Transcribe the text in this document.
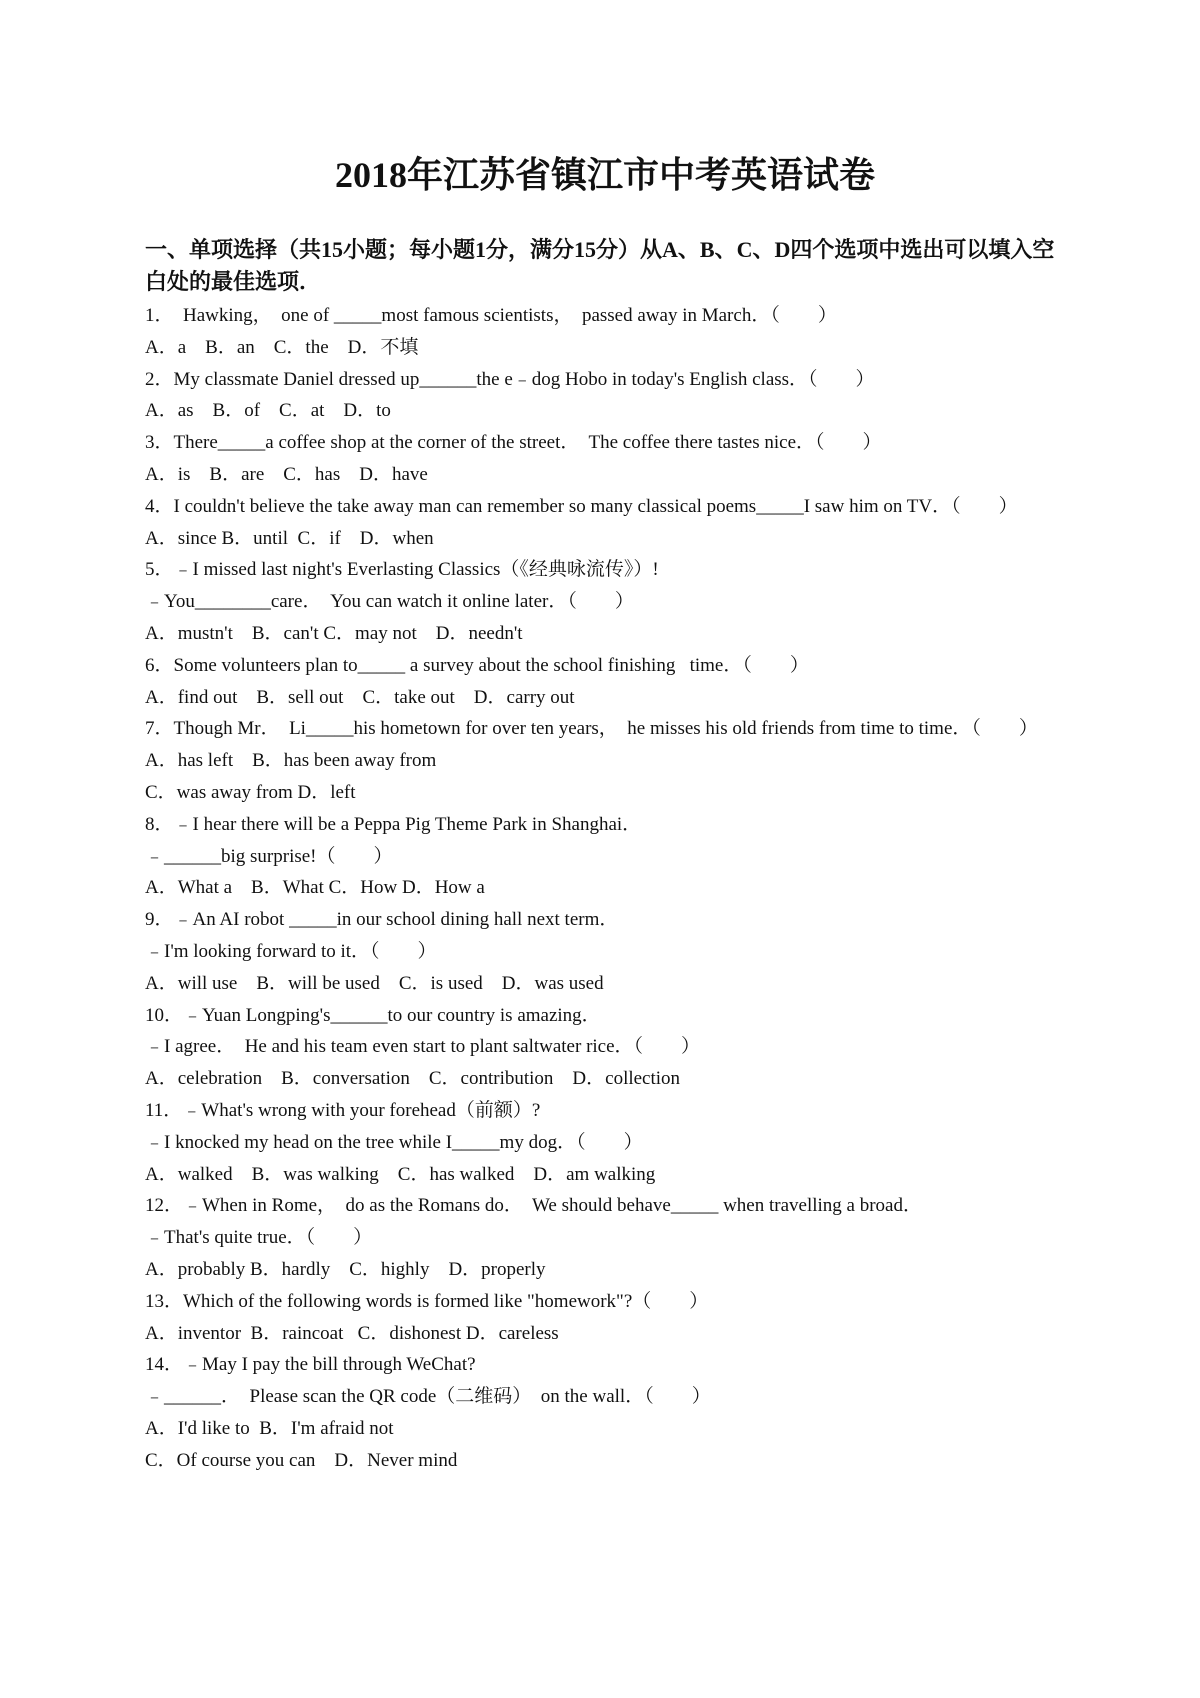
2018年江苏省镇江市中考英语试卷

一、单项选择（共15小题；每小题1分，满分15分）从A、B、C、D四个选项中选出可以填入空白处的最佳选项．

1．  Hawking，  one of _____most famous scientists，  passed away in March．（　　）

A．a    B．an    C．the    D．不填

2．My classmate Daniel dressed up______the e﹣dog Hobo in today's English class．（　　）

A．as    B．of    C．at    D．to

3．There_____a coffee shop at the corner of the street．  The coffee there tastes nice．（　　）

A．is    B．are    C．has    D．have

4．I couldn't believe the take away man can remember so many classical poems_____I saw him on TV．（　　）

A．since B．until  C．if    D．when

5．﹣I missed last night's Everlasting Classics（《经典咏流传》）!

﹣You________care．  You can watch it online later．（　　）

A．mustn't    B．can't C．may not    D．needn't

6．Some volunteers plan to_____ a survey about the school finishing   time．（　　）

A．find out    B．sell out    C．take out    D．carry out

7．Though Mr．  Li_____his hometown for over ten years，  he misses his old friends from time to time．（　　）

A．has left    B．has been away from

C．was away from D．left

8．﹣I hear there will be a Peppa Pig Theme Park in Shanghai．

﹣______big surprise!（　　）

A．What a    B．What C．How D．How a

9．﹣An AI robot _____in our school dining hall next term．

﹣I'm looking forward to it．（　　）

A．will use    B．will be used    C．is used    D．was used

10．﹣Yuan Longping's______to our country is amazing．

﹣I agree．  He and his team even start to plant saltwater rice．（　　）

A．celebration    B．conversation    C．contribution    D．collection

11．﹣What's wrong with your forehead（前额）?

﹣I knocked my head on the tree while I_____my dog．（　　）

A．walked    B．was walking    C．has walked    D．am walking

12．﹣When in Rome，  do as the Romans do．  We should behave_____ when travelling a broad．

﹣That's quite true．（　　）

A．probably B．hardly    C．highly    D．properly

13．Which of the following words is formed like "homework"?（　　）

A．inventor  B．raincoat   C．dishonest D．careless

14．﹣May I pay the bill through WeChat?

﹣______．  Please scan the QR code（二维码）  on the wall．（　　）

A．I'd like to  B．I'm afraid not

C．Of course you can    D．Never mind
